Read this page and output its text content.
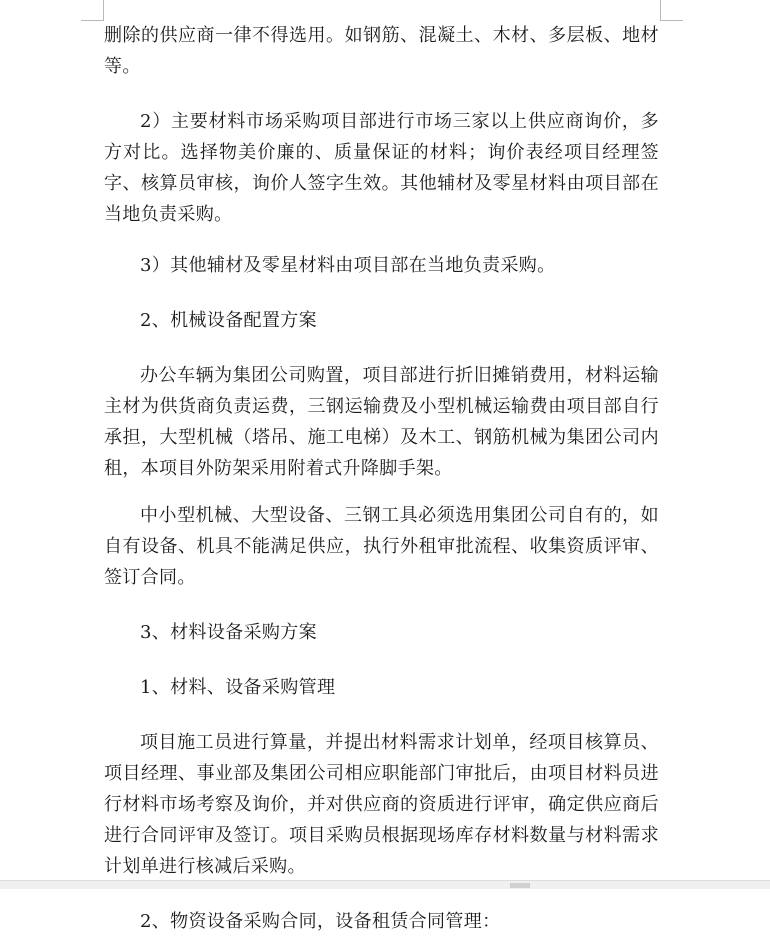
删除的供应商一律不得选用。如钢筋、混凝土、木材、多层板、地材等。

2）主要材料市场采购项目部进行市场三家以上供应商询价，多方对比。选择物美价廉的、质量保证的材料；询价表经项目经理签字、核算员审核，询价人签字生效。其他辅材及零星材料由项目部在当地负责采购。

3）其他辅材及零星材料由项目部在当地负责采购。

2、机械设备配置方案

办公车辆为集团公司购置，项目部进行折旧摊销费用，材料运输主材为供货商负责运费，三钢运输费及小型机械运输费由项目部自行承担，大型机械（塔吊、施工电梯）及木工、钢筋机械为集团公司内租，本项目外防架采用附着式升降脚手架。

中小型机械、大型设备、三钢工具必须选用集团公司自有的，如自有设备、机具不能满足供应，执行外租审批流程、收集资质评审、签订合同。

3、材料设备采购方案

1、材料、设备采购管理

项目施工员进行算量，并提出材料需求计划单，经项目核算员、项目经理、事业部及集团公司相应职能部门审批后，由项目材料员进行材料市场考察及询价，并对供应商的资质进行评审，确定供应商后进行合同评审及签订。项目采购员根据现场库存材料数量与材料需求计划单进行核减后采购。

2、物资设备采购合同，设备租赁合同管理：
